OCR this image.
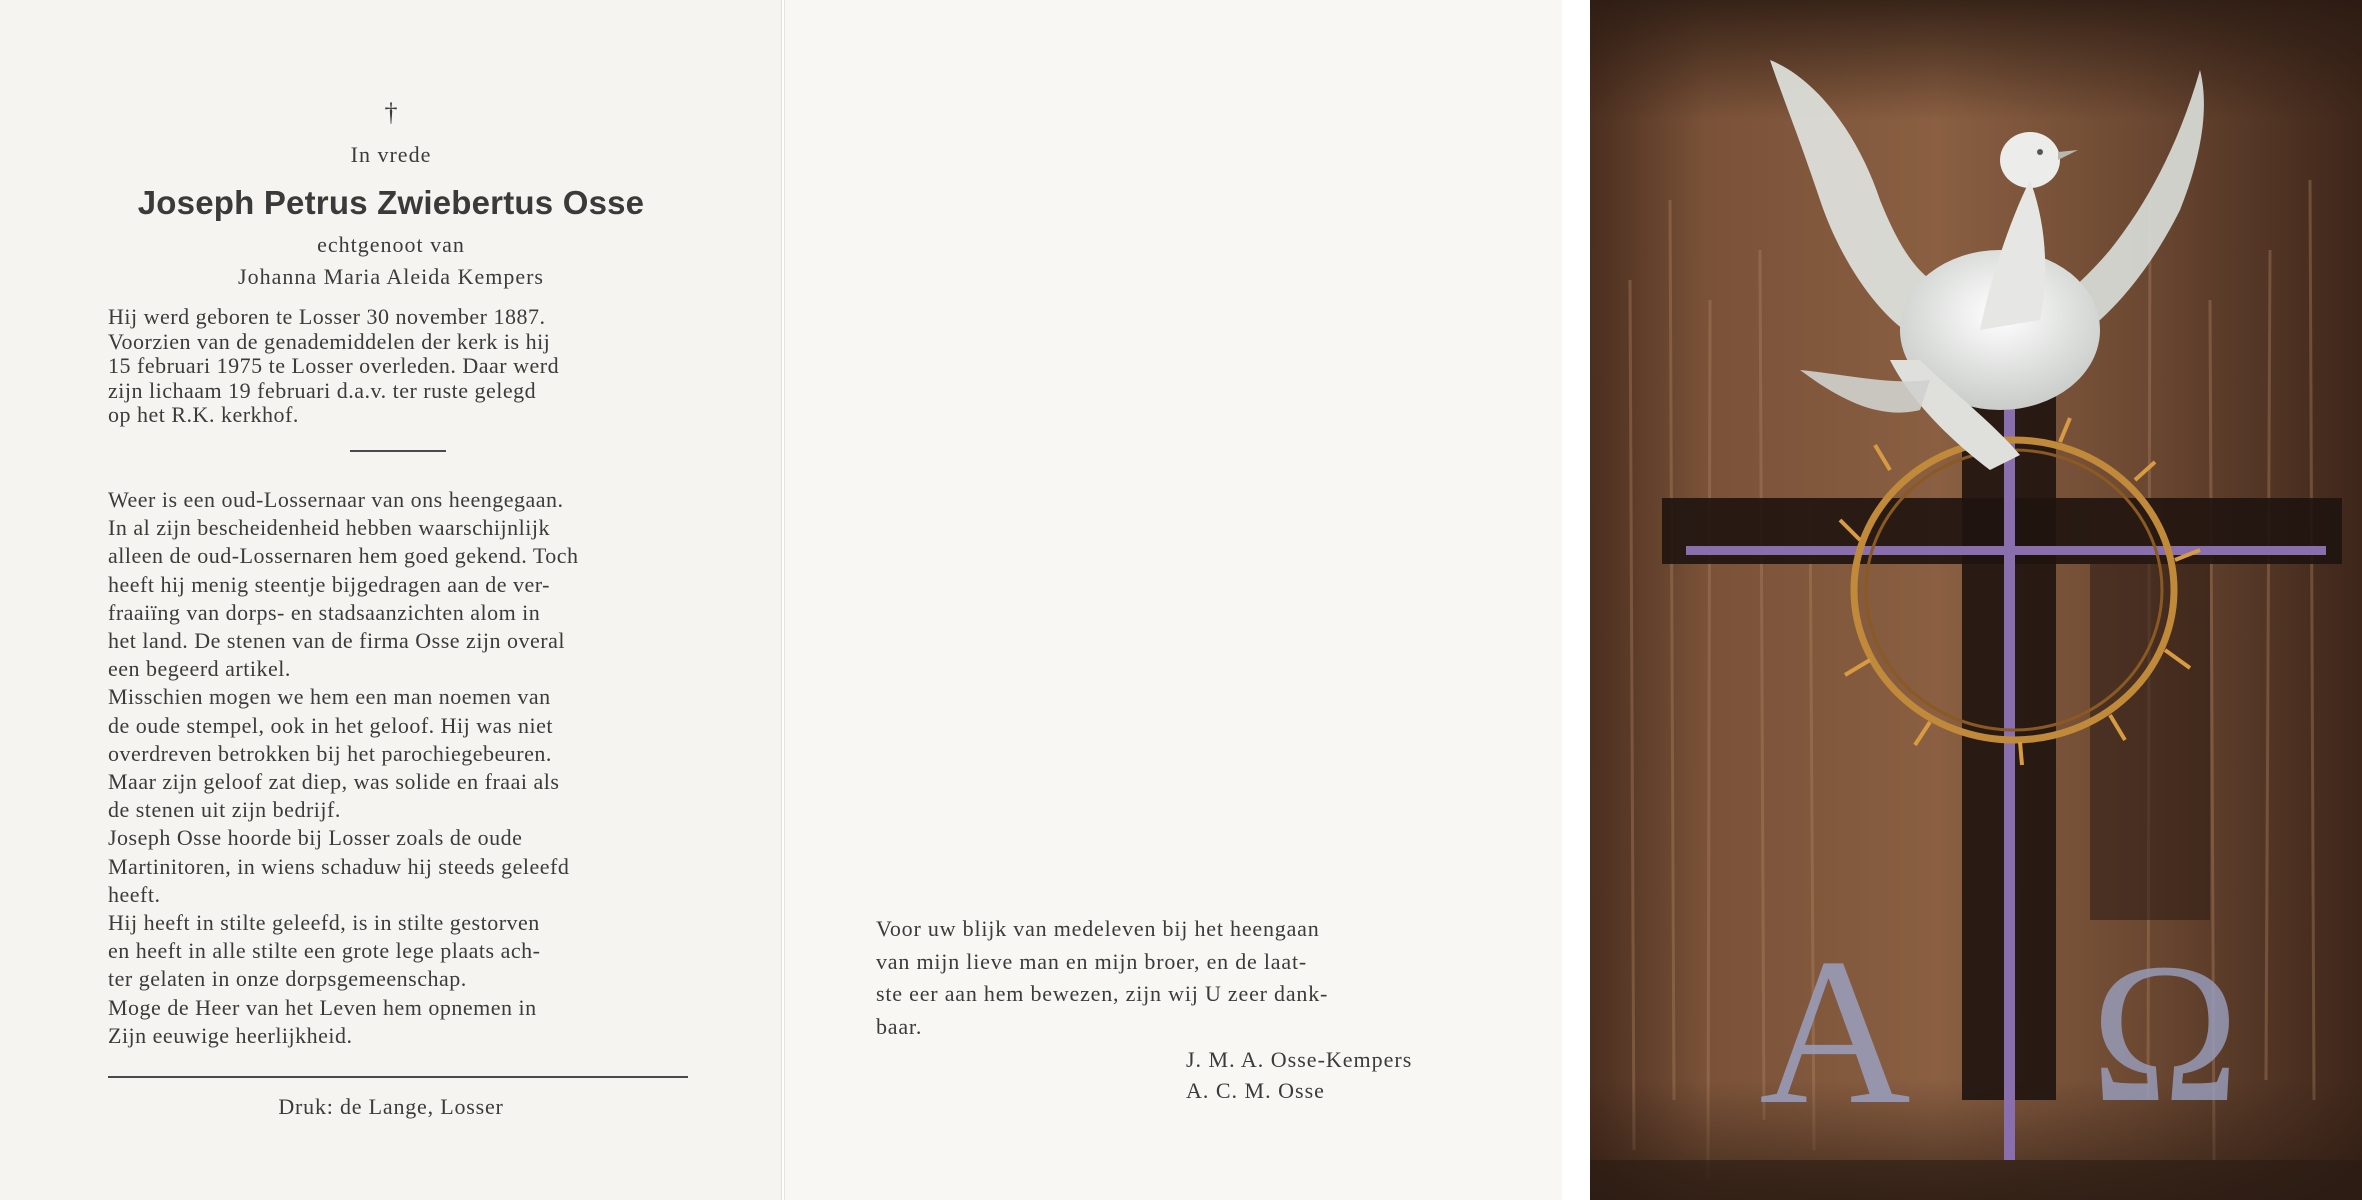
†
In vrede
Joseph Petrus Zwiebertus Osse
echtgenoot van
Johanna Maria Aleida Kempers
Hij werd geboren te Losser 30 november 1887.
Voorzien van de genademiddelen der kerk is hij
15 februari 1975 te Losser overleden. Daar werd
zijn lichaam 19 februari d.a.v. ter ruste gelegd
op het R.K. kerkhof.
Weer is een oud-Lossernaar van ons heengegaan.
In al zijn bescheidenheid hebben waarschijnlijk
alleen de oud-Lossernaren hem goed gekend. Toch
heeft hij menig steentje bijgedragen aan de ver-
fraaiïng van dorps- en stadsaanzichten alom in
het land. De stenen van de firma Osse zijn overal
een begeerd artikel.
Misschien mogen we hem een man noemen van
de oude stempel, ook in het geloof. Hij was niet
overdreven betrokken bij het parochiegebeuren.
Maar zijn geloof zat diep, was solide en fraai als
de stenen uit zijn bedrijf.
Joseph Osse hoorde bij Losser zoals de oude
Martinitoren, in wiens schaduw hij steeds geleefd
heeft.
Hij heeft in stilte geleefd, is in stilte gestorven
en heeft in alle stilte een grote lege plaats ach-
ter gelaten in onze dorpsgemeenschap.
Moge de Heer van het Leven hem opnemen in
Zijn eeuwige heerlijkheid.
Druk: de Lange, Losser
Voor uw blijk van medeleven bij het heengaan
van mijn lieve man en mijn broer, en de laat-
ste eer aan hem bewezen, zijn wij U zeer dank-
baar.
J. M. A. Osse-Kempers
A. C. M. Osse	A Ω
